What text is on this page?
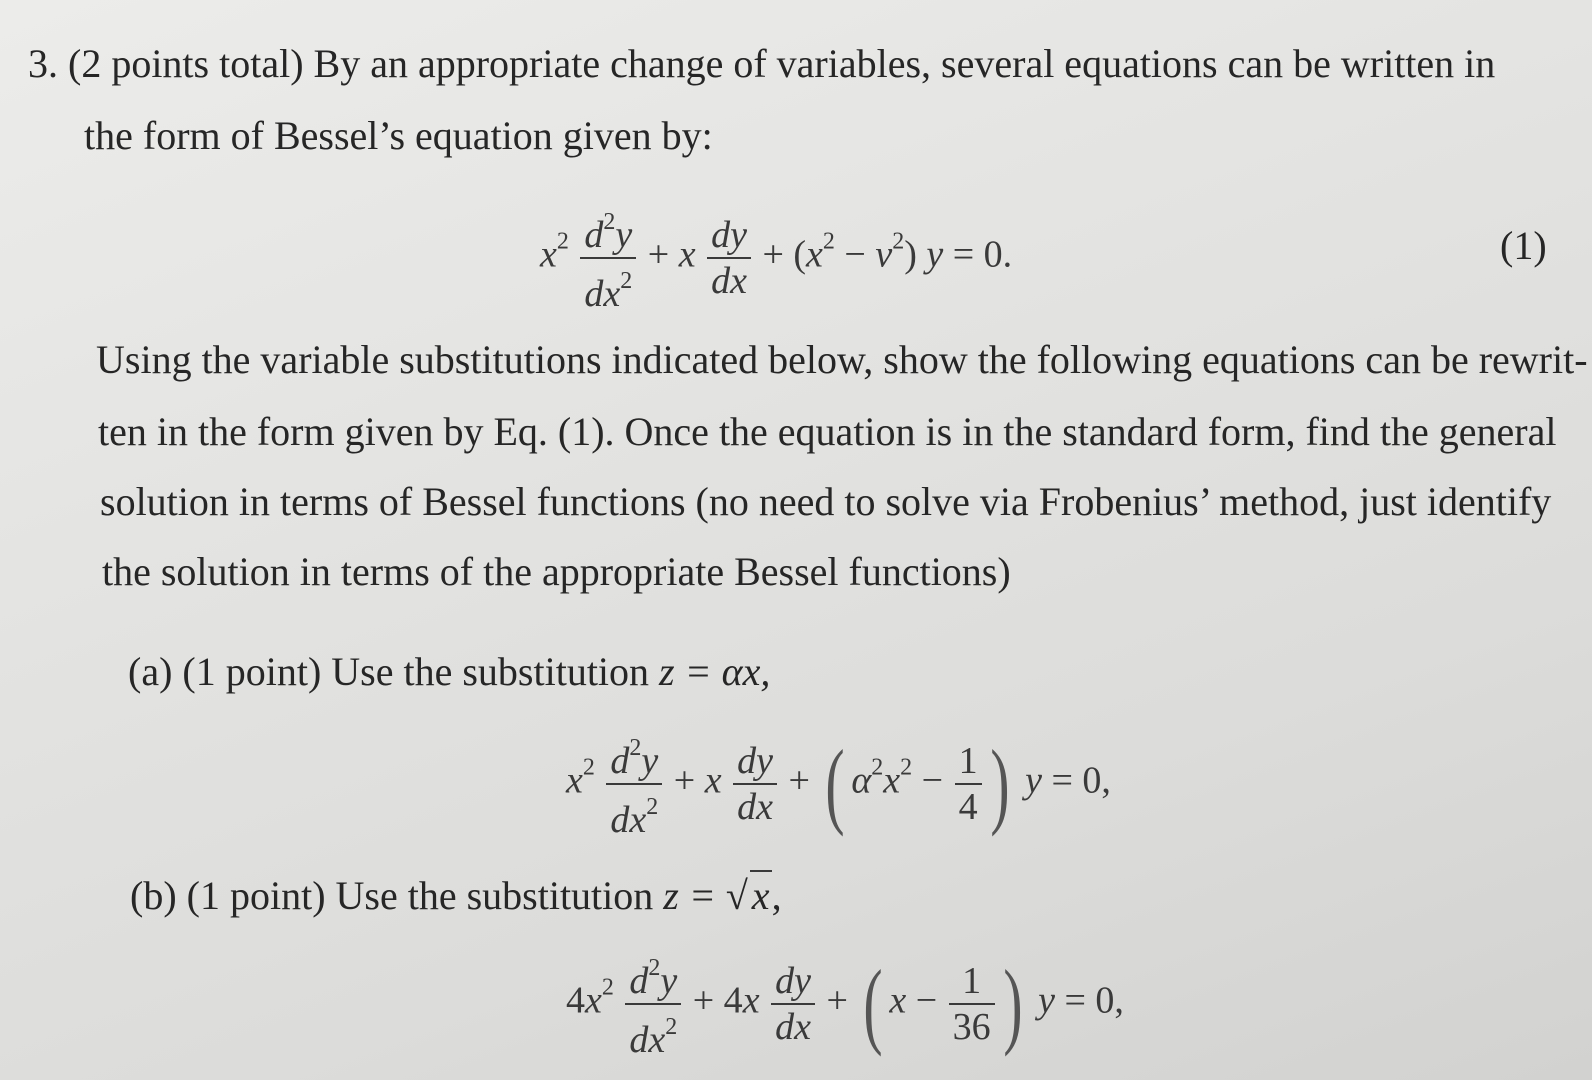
3. (2 points total) By an appropriate change of variables, several equations can be written in
the form of Bessel’s equation given by:
$x^2 \frac{d^2y}{dx^2} + x \frac{dy}{dx} + (x^2 - \nu^2) y = 0$.	(1)
Using the variable substitutions indicated below, show the following equations can be rewrit-
ten in the form given by Eq. (1). Once the equation is in the standard form, find the general
solution in terms of Bessel functions (no need to solve via Frobenius’ method, just identify
the solution in terms of the appropriate Bessel functions)
(a) (1 point) Use the substitution z = αx,
$x^2 \frac{d^2y}{dx^2} + x \frac{dy}{dx}$ + ( $\alpha^2x^2 - \frac{1}{4}$ ) y = 0,
(b) (1 point) Use the substitution z = √ x,
$4x^2 \frac{d^2y}{dx^2} + 4x \frac{dy}{dx}$ + ( $x - \frac{1}{36}$ ) y = 0,
